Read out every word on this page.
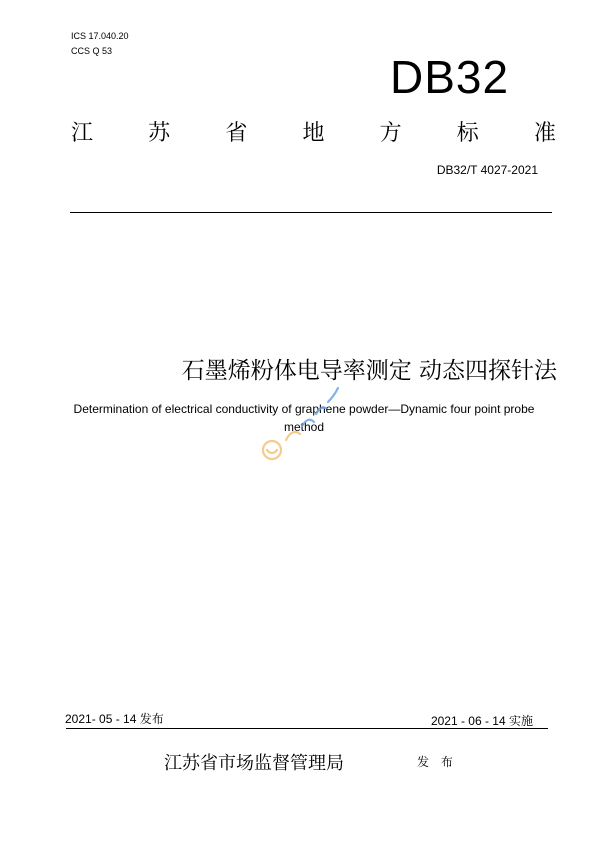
ICS 17.040.20
CCS Q 53	DB32
江	苏	省	地	方	标	准
DB32/T 4027-2021
石墨烯粉体电导率测定 动态四探针法
Determination of electrical conductivity of graphene powder—Dynamic four point probe method
2021- 05 - 14 发布	2021 - 06 - 14 实施
江苏省市场监督管理局	发 布
